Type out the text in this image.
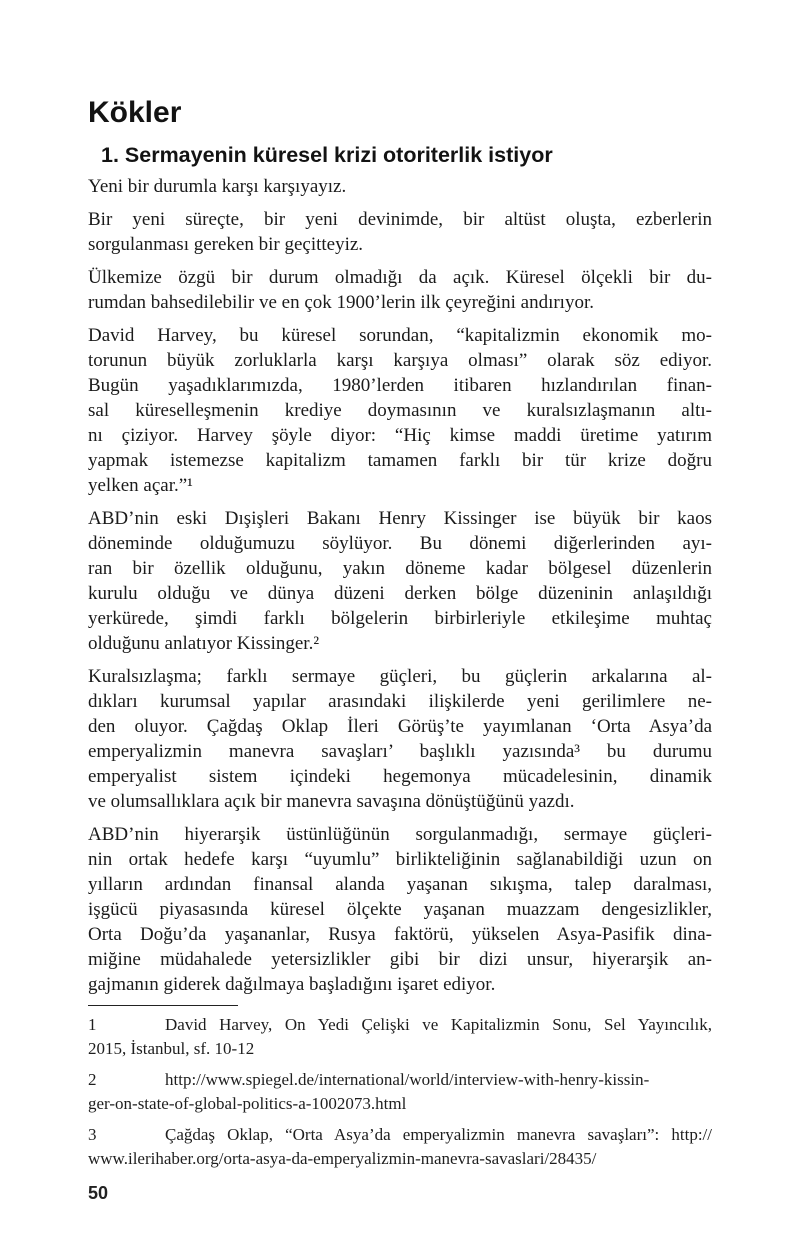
Kökler
1. Sermayenin küresel krizi otoriterlik istiyor
Yeni bir durumla karşı karşıyayız.
Bir yeni süreçte, bir yeni devinimde, bir altüst oluşta, ezberlerin
sorgulanması gereken bir geçitteyiz.
Ülkemize özgü bir durum olmadığı da açık. Küresel ölçekli bir du-
rumdan bahsedilebilir ve en çok 1900’lerin ilk çeyreğini andırıyor.
David Harvey, bu küresel sorundan, “kapitalizmin ekonomik mo-
torunun büyük zorluklarla karşı karşıya olması” olarak söz ediyor.
Bugün yaşadıklarımızda, 1980’lerden itibaren hızlandırılan finan-
sal küreselleşmenin krediye doymasının ve kuralsızlaşmanın altı-
nı çiziyor. Harvey şöyle diyor: “Hiç kimse maddi üretime yatırım
yapmak istemezse kapitalizm tamamen farklı bir tür krize doğru
yelken açar.”¹
ABD’nin eski Dışişleri Bakanı Henry Kissinger ise büyük bir kaos
döneminde olduğumuzu söylüyor. Bu dönemi diğerlerinden ayı-
ran bir özellik olduğunu, yakın döneme kadar bölgesel düzenlerin
kurulu olduğu ve dünya düzeni derken bölge düzeninin anlaşıldığı
yerkürede, şimdi farklı bölgelerin birbirleriyle etkileşime muhtaç
olduğunu anlatıyor Kissinger.²
Kuralsızlaşma; farklı sermaye güçleri, bu güçlerin arkalarına al-
dıkları kurumsal yapılar arasındaki ilişkilerde yeni gerilimlere ne-
den oluyor. Çağdaş Oklap İleri Görüş’te yayımlanan ‘Orta Asya’da
emperyalizmin manevra savaşları’ başlıklı yazısında³ bu durumu
emperyalist sistem içindeki hegemonya mücadelesinin, dinamik
ve olumsallıklara açık bir manevra savaşına dönüştüğünü yazdı.
ABD’nin hiyerarşik üstünlüğünün sorgulanmadığı, sermaye güçleri-
nin ortak hedefe karşı “uyumlu” birlikteliğinin sağlanabildiği uzun on
yılların ardından finansal alanda yaşanan sıkışma, talep daralması,
işgücü piyasasında küresel ölçekte yaşanan muazzam dengesizlikler,
Orta Doğu’da yaşananlar, Rusya faktörü, yükselen Asya-Pasifik dina-
miğine müdahalede yetersizlikler gibi bir dizi unsur, hiyerarşik an-
gajmanın giderek dağılmaya başladığını işaret ediyor.
1	David Harvey, On Yedi Çelişki ve Kapitalizmin Sonu, Sel Yayıncılık,
2015, İstanbul, sf. 10-12
2	http://www.spiegel.de/international/world/interview-with-henry-kissin-
ger-on-state-of-global-politics-a-1002073.html
3	Çağdaş Oklap, “Orta Asya’da emperyalizmin manevra savaşları”: http://
www.ilerihaber.org/orta-asya-da-emperyalizmin-manevra-savaslari/28435/
50
